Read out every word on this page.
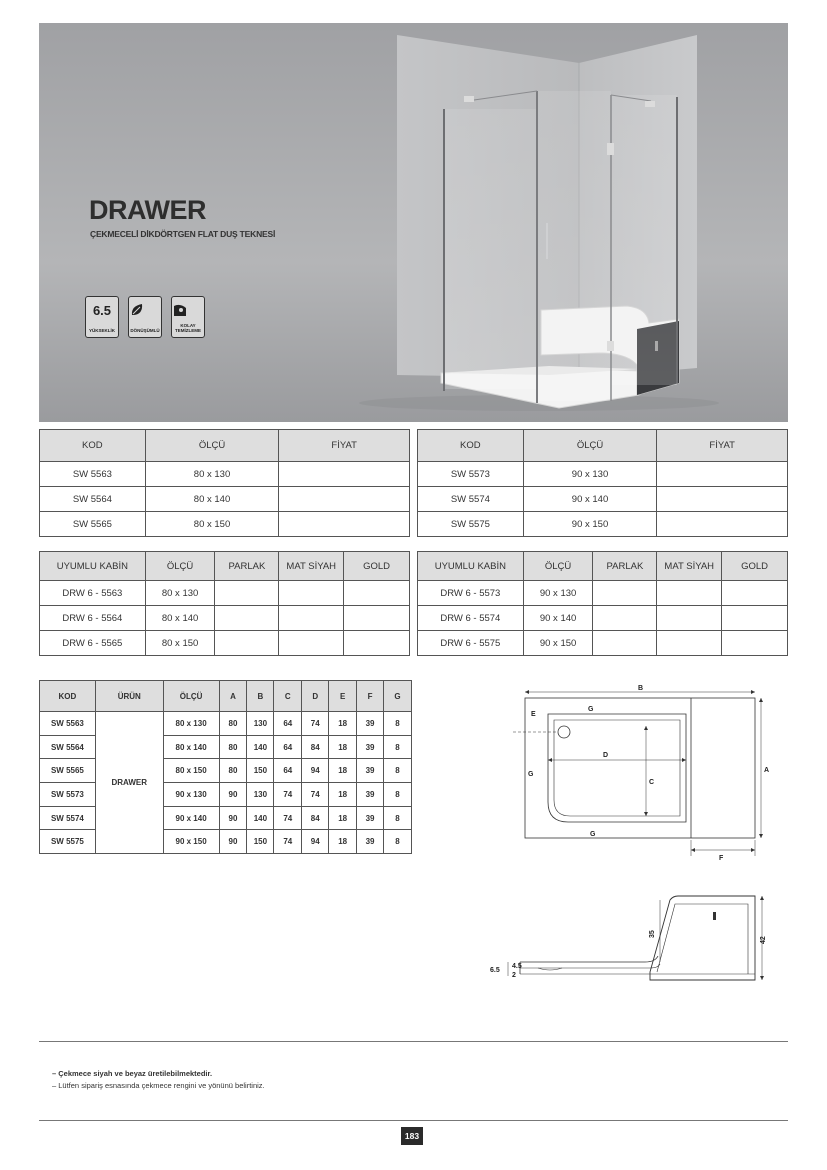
DRAWER
ÇEKMECELİ DİKDÖRTGEN FLAT DUŞ TEKNESİ
6.5
YÜKSEKLİK	DÖNÜŞÜMLÜ
KOLAY TEMİZLEME
KOD	ÖLÇÜ	FİYAT
SW 5563	80 x 130	
SW 5564	80 x 140	
SW 5565	80 x 150	
KOD	ÖLÇÜ	FİYAT
SW 5573	90 x 130	
SW 5574	90 x 140	
SW 5575	90 x 150	
UYUMLU KABİN	ÖLÇÜ	PARLAK	MAT SİYAH	GOLD
DRW 6 - 5563	80 x 130			
DRW 6 - 5564	80 x 140			
DRW 6 - 5565	80 x 150			
UYUMLU KABİN	ÖLÇÜ	PARLAK	MAT SİYAH	GOLD
DRW 6 - 5573	90 x 130			
DRW 6 - 5574	90 x 140			
DRW 6 - 5575	90 x 150			
KOD	ÜRÜN	ÖLÇÜ	A	B	C	D	E	F	G
SW 5563	DRAWER	80 x 130	80	130	64	74	18	39	8
SW 5564		80 x 140	80	140	64	84	18	39	8
SW 5565		80 x 150	80	150	64	94	18	39	8
SW 5573		90 x 130	90	130	74	74	18	39	8
SW 5574		90 x 140	90	140	74	84	18	39	8
SW 5575		90 x 150	90	150	74	94	18	39	8
B
A
C
D
E
G
G
G
F
35
42
6.5
4.5
2
– Çekmece siyah ve beyaz üretilebilmektedir.
– Lütfen sipariş esnasında çekmece rengini ve yönünü belirtiniz.
183
